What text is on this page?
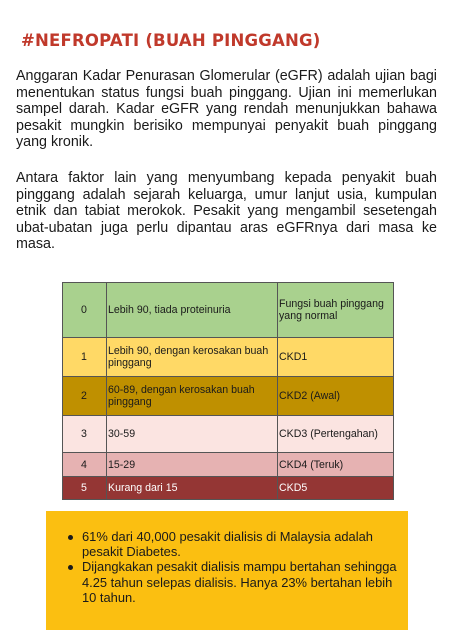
#NEFROPATI (BUAH PINGGANG)

Anggaran Kadar Penurasan Glomerular (eGFR) adalah ujian bagi menentukan status fungsi buah pinggang. Ujian ini memerlukan sampel darah. Kadar eGFR yang rendah menunjukkan bahawa pesakit mungkin berisiko mempunyai penyakit buah pinggang yang kronik.

Antara faktor lain yang menyumbang kepada penyakit buah pinggang adalah sejarah keluarga, umur lanjut usia, kumpulan etnik dan tabiat merokok. Pesakit yang mengambil sesetengah ubat-ubatan juga perlu dipantau aras eGFRnya dari masa ke masa.

0	Lebih 90, tiada proteinuria	Fungsi buah pinggang yang normal
1	Lebih 90, dengan kerosakan buah pinggang	CKD1
2	60-89, dengan kerosakan buah pinggang	CKD2 (Awal)
3	30-59	CKD3 (Pertengahan)
4	15-29	CKD4 (Teruk)
5	Kurang dari 15	CKD5
61% dari 40,000 pesakit dialisis di Malaysia adalah pesakit Diabetes.
Dijangkakan pesakit dialisis mampu bertahan sehingga 4.25 tahun selepas dialisis. Hanya 23% bertahan lebih 10 tahun.
